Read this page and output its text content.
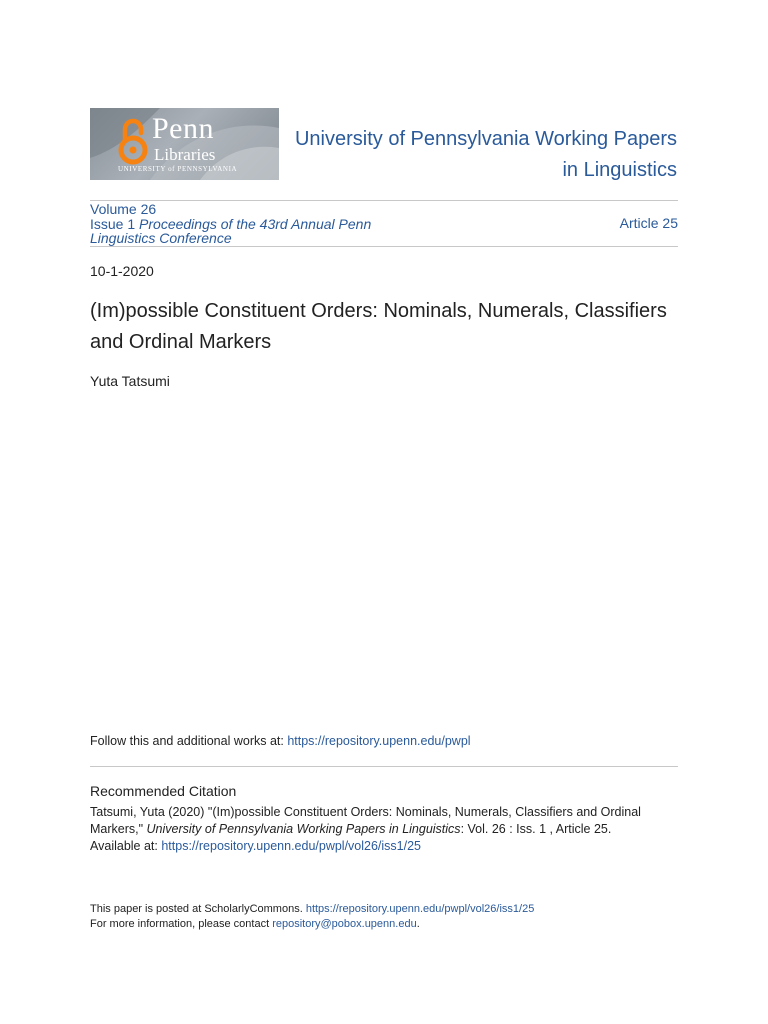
Penn
Libraries
UNIVERSITY of PENNSYLVANIA
University of Pennsylvania Working Papers
in Linguistics
Volume 26
Issue 1 Proceedings of the 43rd Annual Penn Linguistics Conference
Article 25
10-1-2020
(Im)possible Constituent Orders: Nominals, Numerals, Classifiers and Ordinal Markers
Yuta Tatsumi
Follow this and additional works at: https://repository.upenn.edu/pwpl
Recommended Citation
Tatsumi, Yuta (2020) "(Im)possible Constituent Orders: Nominals, Numerals, Classifiers and Ordinal Markers," University of Pennsylvania Working Papers in Linguistics: Vol. 26 : Iss. 1 , Article 25.
Available at: https://repository.upenn.edu/pwpl/vol26/iss1/25
This paper is posted at ScholarlyCommons. https://repository.upenn.edu/pwpl/vol26/iss1/25
For more information, please contact repository@pobox.upenn.edu.
